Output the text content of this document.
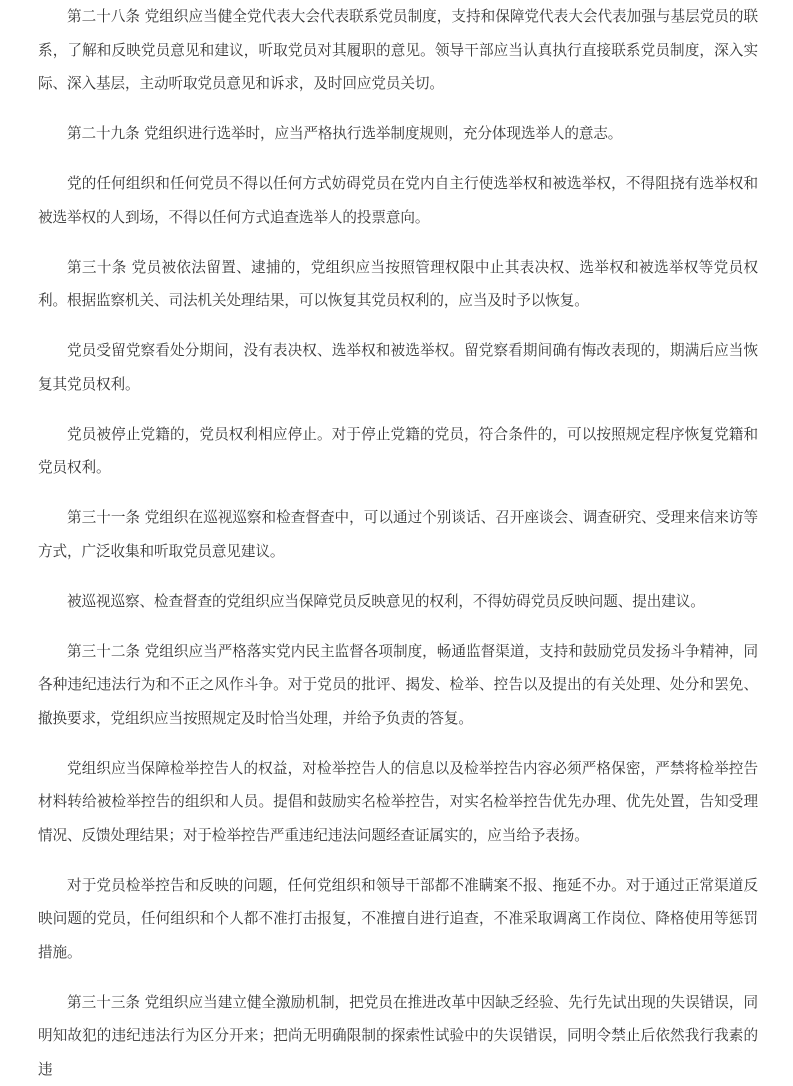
第二十八条 党组织应当健全党代表大会代表联系党员制度，支持和保障党代表大会代表加强与基层党员的联系，了解和反映党员意见和建议，听取党员对其履职的意见。领导干部应当认真执行直接联系党员制度，深入实际、深入基层，主动听取党员意见和诉求，及时回应党员关切。

第二十九条 党组织进行选举时，应当严格执行选举制度规则，充分体现选举人的意志。

党的任何组织和任何党员不得以任何方式妨碍党员在党内自主行使选举权和被选举权，不得阻挠有选举权和被选举权的人到场，不得以任何方式追查选举人的投票意向。

第三十条 党员被依法留置、逮捕的，党组织应当按照管理权限中止其表决权、选举权和被选举权等党员权利。根据监察机关、司法机关处理结果，可以恢复其党员权利的，应当及时予以恢复。

党员受留党察看处分期间，没有表决权、选举权和被选举权。留党察看期间确有悔改表现的，期满后应当恢复其党员权利。

党员被停止党籍的，党员权利相应停止。对于停止党籍的党员，符合条件的，可以按照规定程序恢复党籍和党员权利。

第三十一条 党组织在巡视巡察和检查督查中，可以通过个别谈话、召开座谈会、调查研究、受理来信来访等方式，广泛收集和听取党员意见建议。

被巡视巡察、检查督查的党组织应当保障党员反映意见的权利，不得妨碍党员反映问题、提出建议。

第三十二条 党组织应当严格落实党内民主监督各项制度，畅通监督渠道，支持和鼓励党员发扬斗争精神，同各种违纪违法行为和不正之风作斗争。对于党员的批评、揭发、检举、控告以及提出的有关处理、处分和罢免、撤换要求，党组织应当按照规定及时恰当处理，并给予负责的答复。

党组织应当保障检举控告人的权益，对检举控告人的信息以及检举控告内容必须严格保密，严禁将检举控告材料转给被检举控告的组织和人员。提倡和鼓励实名检举控告，对实名检举控告优先办理、优先处置，告知受理情况、反馈处理结果；对于检举控告严重违纪违法问题经查证属实的，应当给予表扬。

对于党员检举控告和反映的问题，任何党组织和领导干部都不准瞒案不报、拖延不办。对于通过正常渠道反映问题的党员，任何组织和个人都不准打击报复，不准擅自进行追查，不准采取调离工作岗位、降格使用等惩罚措施。

第三十三条 党组织应当建立健全激励机制，把党员在推进改革中因缺乏经验、先行先试出现的失误错误，同明知故犯的违纪违法行为区分开来；把尚无明确限制的探索性试验中的失误错误，同明令禁止后依然我行我素的违
